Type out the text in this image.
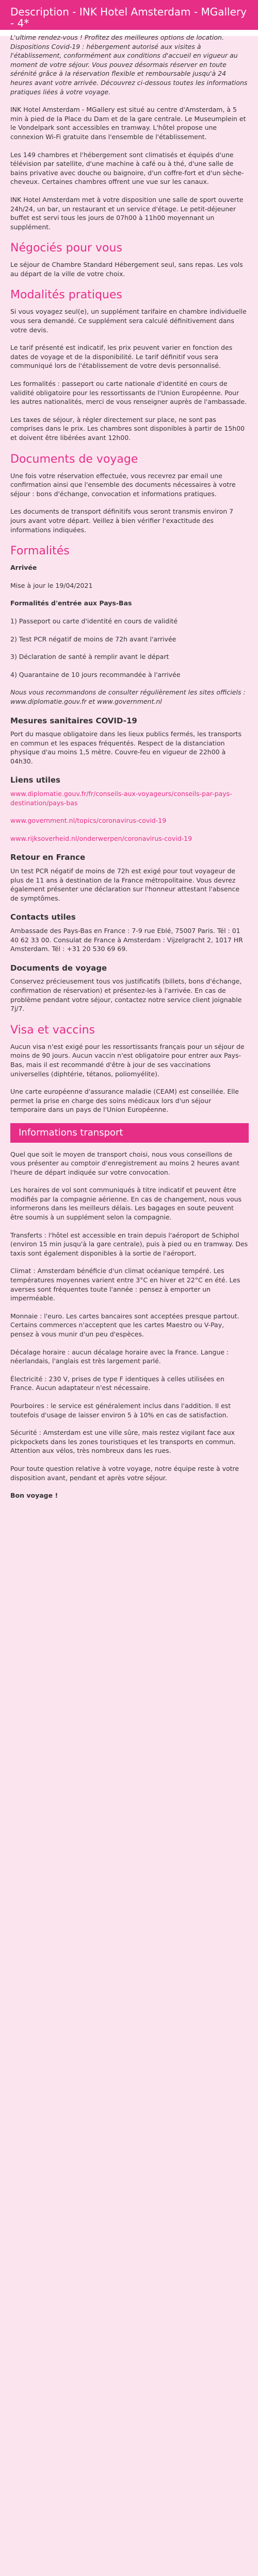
Description - INK Hotel Amsterdam - MGallery - 4*

L'ultime rendez-vous ! Profitez des meilleures options de location. Dispositions Covid-19 : hébergement autorisé aux visites à l'établissement, conformément aux conditions d'accueil en vigueur au moment de votre séjour. Vous pouvez désormais réserver en toute sérénité grâce à la réservation flexible et remboursable jusqu'à 24 heures avant votre arrivée. Découvrez ci-dessous toutes les informations pratiques liées à votre voyage.

INK Hotel Amsterdam - MGallery est situé au centre d'Amsterdam, à 5 min à pied de la Place du Dam et de la gare centrale. Le Museumplein et le Vondelpark sont accessibles en tramway. L'hôtel propose une connexion Wi-Fi gratuite dans l'ensemble de l'établissement.

Les 149 chambres et l'hébergement sont climatisés et équipés d'une télévision par satellite, d'une machine à café ou à thé, d'une salle de bains privative avec douche ou baignoire, d'un coffre-fort et d'un sèche-cheveux. Certaines chambres offrent une vue sur les canaux.

INK Hotel Amsterdam met à votre disposition une salle de sport ouverte 24h/24, un bar, un restaurant et un service d'étage. Le petit-déjeuner buffet est servi tous les jours de 07h00 à 11h00 moyennant un supplément.

Négociés pour vous

Le séjour de Chambre Standard Hébergement seul, sans repas. Les vols au départ de la ville de votre choix.

Modalités pratiques

Si vous voyagez seul(e), un supplément tarifaire en chambre individuelle vous sera demandé. Ce supplément sera calculé définitivement dans votre devis.

Le tarif présenté est indicatif, les prix peuvent varier en fonction des dates de voyage et de la disponibilité. Le tarif définitif vous sera communiqué lors de l'établissement de votre devis personnalisé.

Les formalités : passeport ou carte nationale d'identité en cours de validité obligatoire pour les ressortissants de l'Union Européenne. Pour les autres nationalités, merci de vous renseigner auprès de l'ambassade.

Les taxes de séjour, à régler directement sur place, ne sont pas comprises dans le prix. Les chambres sont disponibles à partir de 15h00 et doivent être libérées avant 12h00.

Documents de voyage

Une fois votre réservation effectuée, vous recevrez par email une confirmation ainsi que l'ensemble des documents nécessaires à votre séjour : bons d'échange, convocation et informations pratiques.

Les documents de transport définitifs vous seront transmis environ 7 jours avant votre départ. Veillez à bien vérifier l'exactitude des informations indiquées.

Formalités

Arrivée

Mise à jour le 19/04/2021

Formalités d'entrée aux Pays-Bas

1) Passeport ou carte d'identité en cours de validité

2) Test PCR négatif de moins de 72h avant l'arrivée

3) Déclaration de santé à remplir avant le départ

4) Quarantaine de 10 jours recommandée à l'arrivée

Nous vous recommandons de consulter régulièrement les sites officiels : www.diplomatie.gouv.fr et www.government.nl

Mesures sanitaires COVID-19

Port du masque obligatoire dans les lieux publics fermés, les transports en commun et les espaces fréquentés. Respect de la distanciation physique d'au moins 1,5 mètre. Couvre-feu en vigueur de 22h00 à 04h30.

Liens utiles

www.diplomatie.gouv.fr/fr/conseils-aux-voyageurs/conseils-par-pays-destination/pays-bas

www.government.nl/topics/coronavirus-covid-19

www.rijksoverheid.nl/onderwerpen/coronavirus-covid-19

Retour en France

Un test PCR négatif de moins de 72h est exigé pour tout voyageur de plus de 11 ans à destination de la France métropolitaine. Vous devrez également présenter une déclaration sur l'honneur attestant l'absence de symptômes.

Contacts utiles

Ambassade des Pays-Bas en France : 7-9 rue Eblé, 75007 Paris. Tél : 01 40 62 33 00. Consulat de France à Amsterdam : Vijzelgracht 2, 1017 HR Amsterdam. Tél : +31 20 530 69 69.

Documents de voyage

Conservez précieusement tous vos justificatifs (billets, bons d'échange, confirmation de réservation) et présentez-les à l'arrivée. En cas de problème pendant votre séjour, contactez notre service client joignable 7j/7.

Visa et vaccins

Aucun visa n'est exigé pour les ressortissants français pour un séjour de moins de 90 jours. Aucun vaccin n'est obligatoire pour entrer aux Pays-Bas, mais il est recommandé d'être à jour de ses vaccinations universelles (diphtérie, tétanos, poliomyélite).

Une carte européenne d'assurance maladie (CEAM) est conseillée. Elle permet la prise en charge des soins médicaux lors d'un séjour temporaire dans un pays de l'Union Européenne.

Informations transport

Quel que soit le moyen de transport choisi, nous vous conseillons de vous présenter au comptoir d'enregistrement au moins 2 heures avant l'heure de départ indiquée sur votre convocation.

Les horaires de vol sont communiqués à titre indicatif et peuvent être modifiés par la compagnie aérienne. En cas de changement, nous vous informerons dans les meilleurs délais. Les bagages en soute peuvent être soumis à un supplément selon la compagnie.

Transferts : l'hôtel est accessible en train depuis l'aéroport de Schiphol (environ 15 min jusqu'à la gare centrale), puis à pied ou en tramway. Des taxis sont également disponibles à la sortie de l'aéroport.

Climat : Amsterdam bénéficie d'un climat océanique tempéré. Les températures moyennes varient entre 3°C en hiver et 22°C en été. Les averses sont fréquentes toute l'année : pensez à emporter un imperméable.

Monnaie : l'euro. Les cartes bancaires sont acceptées presque partout. Certains commerces n'acceptent que les cartes Maestro ou V-Pay, pensez à vous munir d'un peu d'espèces.

Décalage horaire : aucun décalage horaire avec la France. Langue : néerlandais, l'anglais est très largement parlé.

Électricité : 230 V, prises de type F identiques à celles utilisées en France. Aucun adaptateur n'est nécessaire.

Pourboires : le service est généralement inclus dans l'addition. Il est toutefois d'usage de laisser environ 5 à 10% en cas de satisfaction.

Sécurité : Amsterdam est une ville sûre, mais restez vigilant face aux pickpockets dans les zones touristiques et les transports en commun. Attention aux vélos, très nombreux dans les rues.

Pour toute question relative à votre voyage, notre équipe reste à votre disposition avant, pendant et après votre séjour.

Bon voyage !
